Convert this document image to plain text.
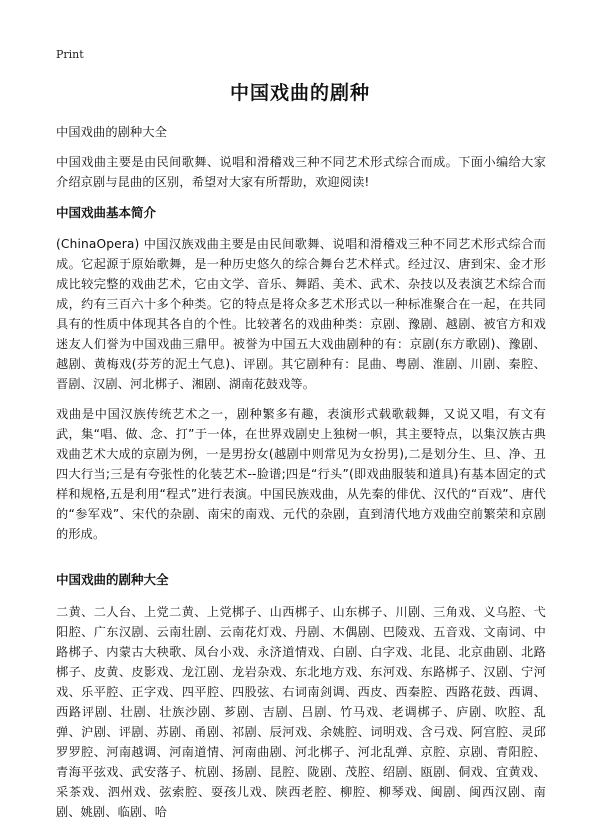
Print
中国戏曲的剧种
中国戏曲的剧种大全
中国戏曲主要是由民间歌舞、说唱和滑稽戏三种不同艺术形式综合而成。下面小编给大家介绍京剧与昆曲的区别，希望对大家有所帮助，欢迎阅读!
中国戏曲基本简介
(ChinaOpera) 中国汉族戏曲主要是由民间歌舞、说唱和滑稽戏三种不同艺术形式综合而成。它起源于原始歌舞，是一种历史悠久的综合舞台艺术样式。经过汉、唐到宋、金才形成比较完整的戏曲艺术，它由文学、音乐、舞蹈、美术、武术、杂技以及表演艺术综合而成，约有三百六十多个种类。它的特点是将众多艺术形式以一种标准聚合在一起，在共同具有的性质中体现其各自的个性。比较著名的戏曲种类：京剧、豫剧、越剧、被官方和戏迷友人们誉为中国戏曲三鼎甲。被誉为中国五大戏曲剧种的有：京剧(东方歌剧)、豫剧、越剧、黄梅戏(芬芳的泥土气息)、评剧。其它剧种有：昆曲、粤剧、淮剧、川剧、秦腔、晋剧、汉剧、河北梆子、湘剧、湖南花鼓戏等。
戏曲是中国汉族传统艺术之一，剧种繁多有趣，表演形式载歌载舞，又说又唱，有文有武，集“唱、做、念、打”于一体，在世界戏剧史上独树一帜，其主要特点，以集汉族古典戏曲艺术大成的京剧为例，一是男扮女(越剧中则常见为女扮男),二是划分生、旦、净、丑四大行当;三是有夸张性的化装艺术--脸谱;四是“行头”(即戏曲服装和道具)有基本固定的式样和规格,五是利用“程式”进行表演。中国民族戏曲，从先秦的俳优、汉代的“百戏”、唐代的“参军戏”、宋代的杂剧、南宋的南戏、元代的杂剧，直到清代地方戏曲空前繁荣和京剧的形成。
中国戏曲的剧种大全
二黄、二人台、上党二黄、上党梆子、山西梆子、山东梆子、川剧、三角戏、义乌腔、弋阳腔、广东汉剧、云南壮剧、云南花灯戏、丹剧、木偶剧、巴陵戏、五音戏、文南词、中路梆子、内蒙古大秧歌、凤台小戏、永济道情戏、白剧、白字戏、北昆、北京曲剧、北路梆子、皮黄、皮影戏、龙江剧、龙岩杂戏、东北地方戏、东河戏、东路梆子、汉剧、宁河戏、乐平腔、正字戏、四平腔、四股弦、右词南剑调、西皮、西秦腔、西路花鼓、西调、西路评剧、壮剧、壮族沙剧、芗剧、吉剧、吕剧、竹马戏、老调梆子、庐剧、吹腔、乱弹、沪剧、评剧、苏剧、甬剧、祁剧、辰河戏、余姚腔、词明戏、含弓戏、阿宫腔、灵邱罗罗腔、河南越调、河南道情、河南曲剧、河北梆子、河北乱弹、京腔、京剧、青阳腔、青海平弦戏、武安落子、杭剧、扬剧、昆腔、陇剧、茂腔、绍剧、瓯剧、侗戏、宜黄戏、采茶戏、泗州戏、弦索腔、耍孩儿戏、陕西老腔、柳腔、柳琴戏、闽剧、闽西汉剧、南剧、姚剧、临剧、哈
